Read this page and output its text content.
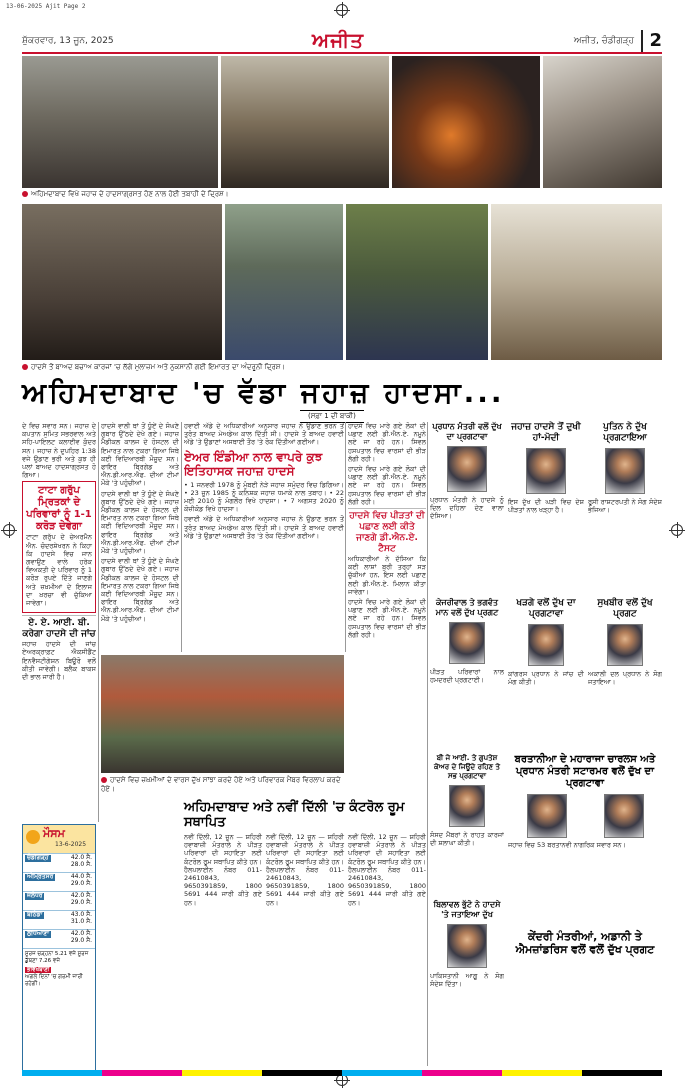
13-06-2025 Ajit Page 2
ਸ਼ੁੱਕਰਵਾਰ, 13 ਜੂਨ, 2025	ਅਜੀਤ	ਅਜੀਤ, ਚੰਡੀਗੜ੍ਹ 2
ਅਹਿਮਦਾਬਾਦ ਵਿਖੇ ਜਹਾਜ਼ ਦੇ ਹਾਦਸਾਗ੍ਰਸਤ ਹੋਣ ਨਾਲ ਹੋਈ ਤਬਾਹੀ ਦੇ ਦ੍ਰਿਸ਼।
ਹਾਦਸੇ ਤੋਂ ਬਾਅਦ ਬਚਾਅ ਕਾਰਜਾਂ 'ਚ ਲੱਗੇ ਮੁਲਾਜ਼ਮ ਅਤੇ ਨੁਕਸਾਨੀ ਗਈ ਇਮਾਰਤ ਦਾ ਅੰਦਰੂਨੀ ਦ੍ਰਿਸ਼।
ਅਹਿਮਦਾਬਾਦ 'ਚ ਵੱਡਾ ਜਹਾਜ਼ ਹਾਦਸਾ...
(ਸਫ਼ਾ 1 ਦੀ ਬਾਕੀ)

ਦੇ ਵਿਚ ਸਵਾਰ ਸਨ। ਜਹਾਜ਼ ਦੇ ਕਪਤਾਨ ਸੁਮਿਤ ਸਭਰਵਾਲ ਅਤੇ ਸਹਿ-ਪਾਇਲਟ ਕਲਾਈਵ ਕੁੰਦਰ ਸਨ। ਜਹਾਜ਼ ਨੇ ਦੁਪਹਿਰ 1:38 ਵਜੇ ਉਡਾਣ ਭਰੀ ਅਤੇ ਕੁਝ ਹੀ ਪਲਾਂ ਬਾਅਦ ਹਾਦਸਾਗ੍ਰਸਤ ਹੋ ਗਿਆ।

ਟਾਟਾ ਗਰੁੱਪ ਮ੍ਰਿਤਕਾਂ ਦੇ ਪਰਿਵਾਰਾਂ ਨੂੰ 1-1 ਕਰੋੜ ਦੇਵੇਗਾ

ਟਾਟਾ ਗਰੁੱਪ ਦੇ ਚੇਅਰਮੈਨ ਐਨ. ਚੰਦਰਸ਼ੇਖਰਨ ਨੇ ਕਿਹਾ ਕਿ ਹਾਦਸੇ ਵਿਚ ਜਾਨ ਗਵਾਉਣ ਵਾਲੇ ਹਰੇਕ ਵਿਅਕਤੀ ਦੇ ਪਰਿਵਾਰ ਨੂੰ 1 ਕਰੋੜ ਰੁਪਏ ਦਿੱਤੇ ਜਾਣਗੇ ਅਤੇ ਜ਼ਖ਼ਮੀਆਂ ਦੇ ਇਲਾਜ ਦਾ ਖ਼ਰਚਾ ਵੀ ਚੁੱਕਿਆ ਜਾਵੇਗਾ।

ਏ. ਏ. ਆਈ. ਬੀ. ਕਰੇਗਾ ਹਾਦਸੇ ਦੀ ਜਾਂਚ

ਜਹਾਜ਼ ਹਾਦਸੇ ਦੀ ਜਾਂਚ ਏਅਰਕ੍ਰਾਫ਼ਟ ਐਕਸੀਡੈਂਟ ਇਨਵੈਸਟੀਗੇਸ਼ਨ ਬਿਊਰੋ ਵਲੋਂ ਕੀਤੀ ਜਾਵੇਗੀ। ਬਲੈਕ ਬਾਕਸ ਦੀ ਭਾਲ ਜਾਰੀ ਹੈ।

ਹਾਦਸੇ ਵਾਲੀ ਥਾਂ ਤੋਂ ਧੂੰਏਂ ਦੇ ਸੰਘਣੇ ਗੁਬਾਰ ਉੱਠਦੇ ਦੇਖੇ ਗਏ। ਜਹਾਜ਼ ਮੈਡੀਕਲ ਕਾਲਜ ਦੇ ਹੋਸਟਲ ਦੀ ਇਮਾਰਤ ਨਾਲ ਟਕਰਾ ਗਿਆ ਜਿਥੇ ਕਈ ਵਿਦਿਆਰਥੀ ਮੌਜੂਦ ਸਨ। ਫਾਇਰ ਬ੍ਰਿਗੇਡ ਅਤੇ ਐਨ.ਡੀ.ਆਰ.ਐਫ. ਦੀਆਂ ਟੀਮਾਂ ਮੌਕੇ 'ਤੇ ਪਹੁੰਚੀਆਂ।

ਹਾਦਸੇ ਵਾਲੀ ਥਾਂ ਤੋਂ ਧੂੰਏਂ ਦੇ ਸੰਘਣੇ ਗੁਬਾਰ ਉੱਠਦੇ ਦੇਖੇ ਗਏ। ਜਹਾਜ਼ ਮੈਡੀਕਲ ਕਾਲਜ ਦੇ ਹੋਸਟਲ ਦੀ ਇਮਾਰਤ ਨਾਲ ਟਕਰਾ ਗਿਆ ਜਿਥੇ ਕਈ ਵਿਦਿਆਰਥੀ ਮੌਜੂਦ ਸਨ। ਫਾਇਰ ਬ੍ਰਿਗੇਡ ਅਤੇ ਐਨ.ਡੀ.ਆਰ.ਐਫ. ਦੀਆਂ ਟੀਮਾਂ ਮੌਕੇ 'ਤੇ ਪਹੁੰਚੀਆਂ।

ਹਾਦਸੇ ਵਾਲੀ ਥਾਂ ਤੋਂ ਧੂੰਏਂ ਦੇ ਸੰਘਣੇ ਗੁਬਾਰ ਉੱਠਦੇ ਦੇਖੇ ਗਏ। ਜਹਾਜ਼ ਮੈਡੀਕਲ ਕਾਲਜ ਦੇ ਹੋਸਟਲ ਦੀ ਇਮਾਰਤ ਨਾਲ ਟਕਰਾ ਗਿਆ ਜਿਥੇ ਕਈ ਵਿਦਿਆਰਥੀ ਮੌਜੂਦ ਸਨ। ਫਾਇਰ ਬ੍ਰਿਗੇਡ ਅਤੇ ਐਨ.ਡੀ.ਆਰ.ਐਫ. ਦੀਆਂ ਟੀਮਾਂ ਮੌਕੇ 'ਤੇ ਪਹੁੰਚੀਆਂ।

ਹਵਾਈ ਅੱਡੇ ਦੇ ਅਧਿਕਾਰੀਆਂ ਅਨੁਸਾਰ ਜਹਾਜ਼ ਨੇ ਉਡਾਣ ਭਰਨ ਤੋਂ ਤੁਰੰਤ ਬਾਅਦ ਮੇਅਡੇਅ ਕਾਲ ਦਿੱਤੀ ਸੀ। ਹਾਦਸੇ ਤੋਂ ਬਾਅਦ ਹਵਾਈ ਅੱਡੇ 'ਤੇ ਉਡਾਣਾਂ ਅਸਥਾਈ ਤੌਰ 'ਤੇ ਰੋਕ ਦਿੱਤੀਆਂ ਗਈਆਂ।

ਏਅਰ ਇੰਡੀਆ ਨਾਲ ਵਾਪਰੇ ਕੁਝ ਇਤਿਹਾਸਕ ਜਹਾਜ਼ ਹਾਦਸੇ

• 1 ਜਨਵਰੀ 1978 ਨੂੰ ਮੁੰਬਈ ਨੇੜੇ ਜਹਾਜ਼ ਸਮੁੰਦਰ ਵਿਚ ਡਿਗਿਆ। • 23 ਜੂਨ 1985 ਨੂੰ ਕਨਿਸ਼ਕ ਜਹਾਜ਼ ਧਮਾਕੇ ਨਾਲ ਤਬਾਹ। • 22 ਮਈ 2010 ਨੂੰ ਮੰਗਲੌਰ ਵਿਖੇ ਹਾਦਸਾ। • 7 ਅਗਸਤ 2020 ਨੂੰ ਕੋਜ਼ੀਕੋਡ ਵਿਖੇ ਹਾਦਸਾ।

ਹਵਾਈ ਅੱਡੇ ਦੇ ਅਧਿਕਾਰੀਆਂ ਅਨੁਸਾਰ ਜਹਾਜ਼ ਨੇ ਉਡਾਣ ਭਰਨ ਤੋਂ ਤੁਰੰਤ ਬਾਅਦ ਮੇਅਡੇਅ ਕਾਲ ਦਿੱਤੀ ਸੀ। ਹਾਦਸੇ ਤੋਂ ਬਾਅਦ ਹਵਾਈ ਅੱਡੇ 'ਤੇ ਉਡਾਣਾਂ ਅਸਥਾਈ ਤੌਰ 'ਤੇ ਰੋਕ ਦਿੱਤੀਆਂ ਗਈਆਂ।

ਹਾਦਸੇ ਵਿਚ ਮਾਰੇ ਗਏ ਲੋਕਾਂ ਦੀ ਪਛਾਣ ਲਈ ਡੀ.ਐਨ.ਏ. ਨਮੂਨੇ ਲਏ ਜਾ ਰਹੇ ਹਨ। ਸਿਵਲ ਹਸਪਤਾਲ ਵਿਚ ਵਾਰਸਾਂ ਦੀ ਭੀੜ ਲੱਗੀ ਰਹੀ।

ਹਾਦਸੇ ਵਿਚ ਮਾਰੇ ਗਏ ਲੋਕਾਂ ਦੀ ਪਛਾਣ ਲਈ ਡੀ.ਐਨ.ਏ. ਨਮੂਨੇ ਲਏ ਜਾ ਰਹੇ ਹਨ। ਸਿਵਲ ਹਸਪਤਾਲ ਵਿਚ ਵਾਰਸਾਂ ਦੀ ਭੀੜ ਲੱਗੀ ਰਹੀ।

ਹਾਦਸੇ ਵਿਚ ਪੀੜਤਾਂ ਦੀ ਪਛਾਣ ਲਈ ਕੀਤੇ ਜਾਣਗੇ ਡੀ.ਐਨ.ਏ. ਟੈਸਟ

ਅਧਿਕਾਰੀਆਂ ਨੇ ਦੱਸਿਆ ਕਿ ਕਈ ਲਾਸ਼ਾਂ ਬੁਰੀ ਤਰ੍ਹਾਂ ਸੜ ਚੁੱਕੀਆਂ ਹਨ, ਇਸ ਲਈ ਪਛਾਣ ਲਈ ਡੀ.ਐਨ.ਏ. ਮਿਲਾਨ ਕੀਤਾ ਜਾਵੇਗਾ।

ਹਾਦਸੇ ਵਿਚ ਮਾਰੇ ਗਏ ਲੋਕਾਂ ਦੀ ਪਛਾਣ ਲਈ ਡੀ.ਐਨ.ਏ. ਨਮੂਨੇ ਲਏ ਜਾ ਰਹੇ ਹਨ। ਸਿਵਲ ਹਸਪਤਾਲ ਵਿਚ ਵਾਰਸਾਂ ਦੀ ਭੀੜ ਲੱਗੀ ਰਹੀ।

ਹਾਦਸੇ ਵਿਚ ਜ਼ਖ਼ਮੀਆਂ ਦੇ ਵਾਰਸ ਦੁੱਖ ਸਾਂਝਾ ਕਰਦੇ ਹੋਏ ਅਤੇ ਪਰਿਵਾਰਕ ਮੈਂਬਰ ਵਿਰਲਾਪ ਕਰਦੇ ਹੋਏ।
ਅਹਿਮਦਾਬਾਦ ਅਤੇ ਨਵੀਂ ਦਿੱਲੀ 'ਚ ਕੰਟਰੋਲ ਰੂਮ ਸਥਾਪਿਤ

ਨਵੀਂ ਦਿੱਲੀ, 12 ਜੂਨ — ਸ਼ਹਿਰੀ ਹਵਾਬਾਜ਼ੀ ਮੰਤਰਾਲੇ ਨੇ ਪੀੜਤ ਪਰਿਵਾਰਾਂ ਦੀ ਸਹਾਇਤਾ ਲਈ ਕੰਟਰੋਲ ਰੂਮ ਸਥਾਪਿਤ ਕੀਤੇ ਹਨ। ਹੈਲਪਲਾਈਨ ਨੰਬਰ 011-24610843, 9650391859, 1800 5691 444 ਜਾਰੀ ਕੀਤੇ ਗਏ ਹਨ।

ਨਵੀਂ ਦਿੱਲੀ, 12 ਜੂਨ — ਸ਼ਹਿਰੀ ਹਵਾਬਾਜ਼ੀ ਮੰਤਰਾਲੇ ਨੇ ਪੀੜਤ ਪਰਿਵਾਰਾਂ ਦੀ ਸਹਾਇਤਾ ਲਈ ਕੰਟਰੋਲ ਰੂਮ ਸਥਾਪਿਤ ਕੀਤੇ ਹਨ। ਹੈਲਪਲਾਈਨ ਨੰਬਰ 011-24610843, 9650391859, 1800 5691 444 ਜਾਰੀ ਕੀਤੇ ਗਏ ਹਨ।

ਨਵੀਂ ਦਿੱਲੀ, 12 ਜੂਨ — ਸ਼ਹਿਰੀ ਹਵਾਬਾਜ਼ੀ ਮੰਤਰਾਲੇ ਨੇ ਪੀੜਤ ਪਰਿਵਾਰਾਂ ਦੀ ਸਹਾਇਤਾ ਲਈ ਕੰਟਰੋਲ ਰੂਮ ਸਥਾਪਿਤ ਕੀਤੇ ਹਨ। ਹੈਲਪਲਾਈਨ ਨੰਬਰ 011-24610843, 9650391859, 1800 5691 444 ਜਾਰੀ ਕੀਤੇ ਗਏ ਹਨ।

ਪ੍ਰਧਾਨ ਮੰਤਰੀ ਵਲੋਂ ਦੁੱਖ ਦਾ ਪ੍ਰਗਟਾਵਾ
ਪ੍ਰਧਾਨ ਮੰਤਰੀ ਨੇ ਹਾਦਸੇ ਨੂੰ ਦਿਲ ਦਹਿਲਾ ਦੇਣ ਵਾਲਾ ਦੱਸਿਆ।
ਜਹਾਜ਼ ਹਾਦਸੇ ਤੋਂ ਦੁਖੀ ਹਾਂ-ਮੋਦੀ
ਇਸ ਦੁੱਖ ਦੀ ਘੜੀ ਵਿਚ ਦੇਸ਼ ਪੀੜਤਾਂ ਨਾਲ ਖੜ੍ਹਾ ਹੈ।
ਪੁਤਿਨ ਨੇ ਦੁੱਖ ਪ੍ਰਗਟਾਇਆ
ਰੂਸੀ ਰਾਸ਼ਟਰਪਤੀ ਨੇ ਸੋਗ ਸੰਦੇਸ਼ ਭੇਜਿਆ।
ਕੇਜਰੀਵਾਲ ਤੇ ਭਗਵੰਤ ਮਾਨ ਵਲੋਂ ਦੁੱਖ ਪ੍ਰਗਟ
ਪੀੜਤ ਪਰਿਵਾਰਾਂ ਨਾਲ ਹਮਦਰਦੀ ਪ੍ਰਗਟਾਈ।
ਖੜਗੇ ਵਲੋਂ ਦੁੱਖ ਦਾ ਪ੍ਰਗਟਾਵਾ
ਕਾਂਗਰਸ ਪ੍ਰਧਾਨ ਨੇ ਜਾਂਚ ਦੀ ਮੰਗ ਕੀਤੀ।
ਸੁਖਬੀਰ ਵਲੋਂ ਦੁੱਖ ਪ੍ਰਗਟ
ਅਕਾਲੀ ਦਲ ਪ੍ਰਧਾਨ ਨੇ ਸੋਗ ਜਤਾਇਆ।
ਬੀ ਜੇ ਆਈ. ਤੇ ਗੁਪਤੇਸ਼ ਕੇਅਰ ਦੇ ਜਿਊਂਦੇ ਰਹਿਣ ਤੇ ਸਭ ਪ੍ਰਗਟਾਵਾ
ਸੰਸਦ ਮੈਂਬਰਾਂ ਨੇ ਰਾਹਤ ਕਾਰਜਾਂ ਦੀ ਸ਼ਲਾਘਾ ਕੀਤੀ।
ਬਰਤਾਨੀਆ ਦੇ ਮਹਾਰਾਜਾ ਚਾਰਲਸ ਅਤੇ ਪ੍ਰਧਾਨ ਮੰਤਰੀ ਸਟਾਰਮਰ ਵਲੋਂ ਦੁੱਖ ਦਾ ਪ੍ਰਗਟਾਵਾ
ਜਹਾਜ਼ ਵਿਚ 53 ਬਰਤਾਨਵੀ ਨਾਗਰਿਕ ਸਵਾਰ ਸਨ।
ਬਿਲਾਵਲ ਭੁੱਟੋ ਨੇ ਹਾਦਸੇ 'ਤੇ ਜਤਾਇਆ ਦੁੱਖ
ਪਾਕਿਸਤਾਨੀ ਆਗੂ ਨੇ ਸੋਗ ਸੰਦੇਸ਼ ਦਿੱਤਾ।
ਕੇਂਦਰੀ ਮੰਤਰੀਆਂ, ਅਡਾਨੀ ਤੇ ਐਮਜ਼ਾਂਡਰਿਸ ਵਲੋਂ ਵਲੋਂ ਦੁੱਖ ਪ੍ਰਗਟ
ਮੌਸਮ
13-6-2025
ਚੰਡੀਗੜ੍ਹ	42.0 ਸੈ.
28.0 ਸੈ.
ਅੰਮ੍ਰਿਤਸਰ	44.0 ਸੈ.
29.0 ਸੈ.
ਜਲੰਧਰ	42.0 ਸੈ.
29.0 ਸੈ.
ਬਠਿੰਡਾ	43.0 ਸੈ.
31.0 ਸੈ.
ਲੁਧਿਆਣਾ	42.0 ਸੈ.
29.0 ਸੈ.
ਸੂਰਜ ਚੜ੍ਹਨਾ 5.21 ਵਜੇ ਸੂਰਜ ਡੁੱਬਣਾ 7.26 ਵਜੇ
ਭਵਿੱਖਬਾਣੀ
ਅਗਲੇ ਦਿਨਾਂ 'ਚ ਗਰਮੀ ਜਾਰੀ ਰਹੇਗੀ।
